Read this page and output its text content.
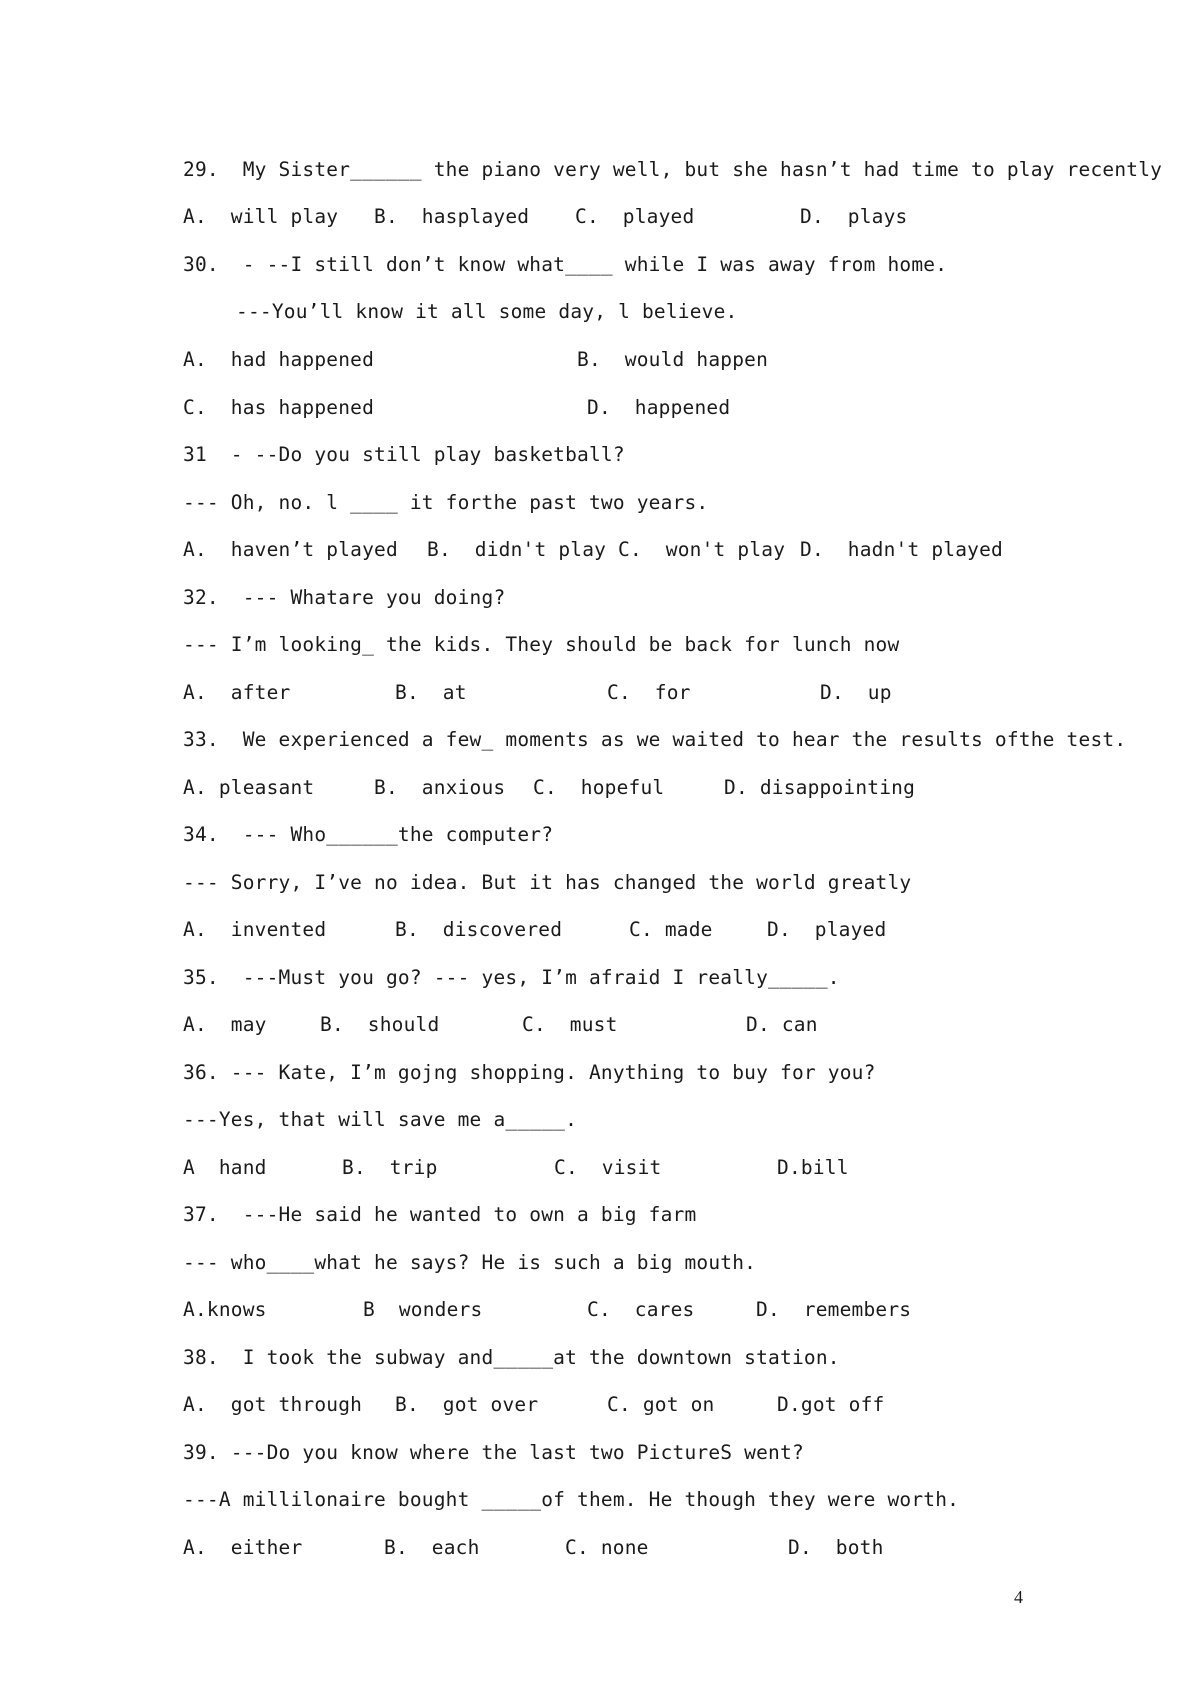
29.  My Sister______ the piano very well, but she hasn’t had time to play recently
A.  will play B.  hasplayed C.  played	D.  plays
30.  - --I still don’t know what____ while I was away from home.
---You’ll know it all some day, l believe.
A.  had happened	B.  would happen
C.  has happened	D.  happened
31  - --Do you still play basketball?
--- Oh, no. l ____ it forthe past two years.
A.  haven’t played B.  didn't play C.  won't play D.  hadn't played
32.  --- Whatare you doing?
--- I’m looking_ the kids. They should be back for lunch now
A.  after	B.  at	C.  for	D.  up
33.  We experienced a few_ moments as we waited to hear the results ofthe test.
A. pleasant	B.  anxious C.  hopeful	D. disappointing
34.  --- Who______the computer?
--- Sorry, I’ve no idea. But it has changed the world greatly
A.  invented	B.  discovered	C. made	D.  played
35.  ---Must you go? --- yes, I’m afraid I really_____.
A.  may	B.  should	C.  must	D. can
36. --- Kate, I’m gojng shopping. Anything to buy for you?
---Yes, that will save me a_____.
A  hand	B.  trip	C.  visit	D.bill
37.  ---He said he wanted to own a big farm
--- who____what he says? He is such a big mouth.
A.knows	B  wonders	C.  cares	D.  remembers
38.  I took the subway and_____at the downtown station.
A.  got through B.  got over	C. got on	D.got off
39. ---Do you know where the last two PictureS went?
---A millilonaire bought _____of them. He though they were worth.
A.  either	B.  each	C. none	D.  both
4
